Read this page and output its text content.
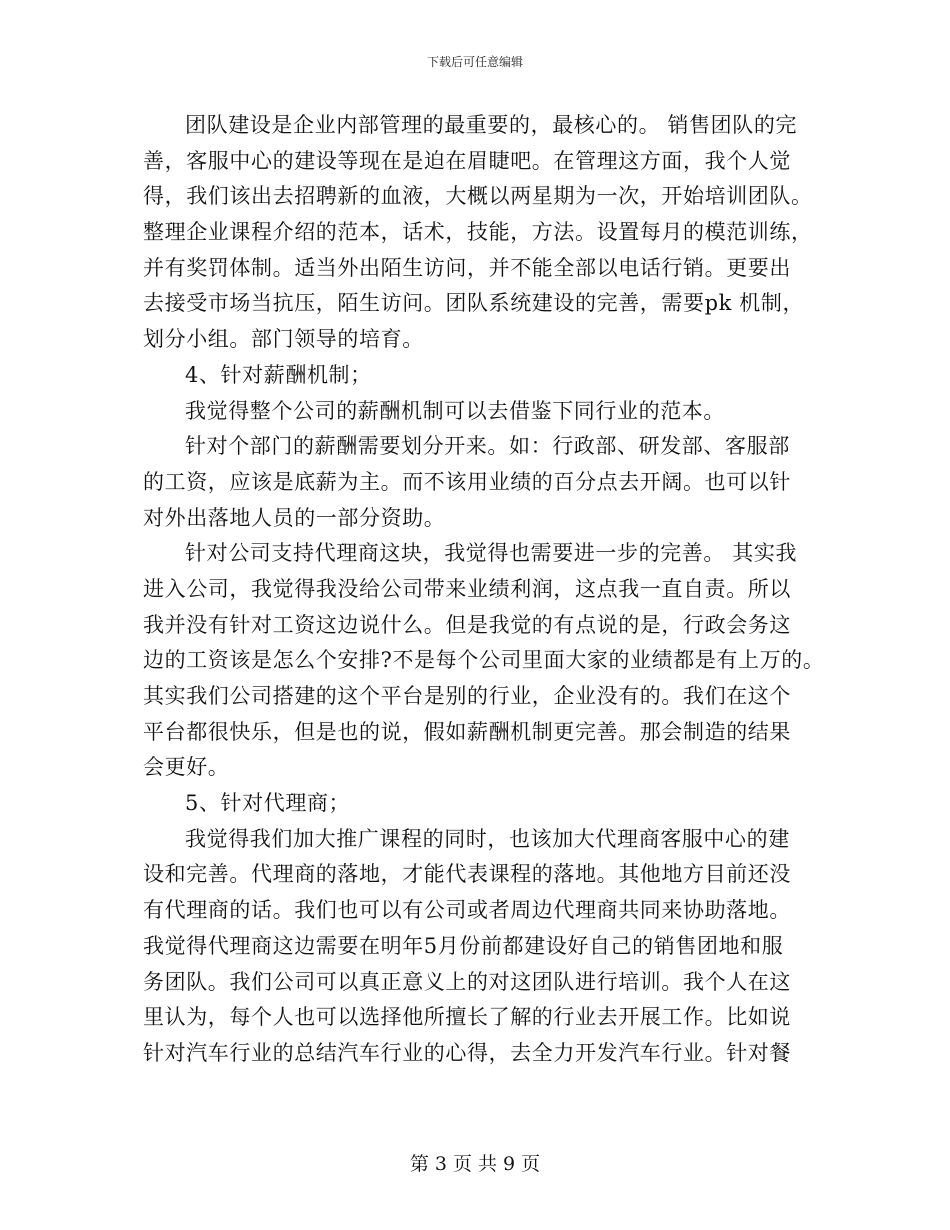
下载后可任意编辑
团队建设是企业内部管理的最重要的，最核心的。 销售团队的完
善，客服中心的建设等现在是迫在眉睫吧。在管理这方面，我个人觉
得，我们该出去招聘新的血液，大概以两星期为一次，开始培训团队。
整理企业课程介绍的范本，话术，技能，方法。设置每月的模范训练，
并有奖罚体制。适当外出陌生访问，并不能全部以电话行销。更要出
去接受市场当抗压，陌生访问。团队系统建设的完善，需要pk 机制，
划分小组。部门领导的培育。
4、针对薪酬机制；
我觉得整个公司的薪酬机制可以去借鉴下同行业的范本。
针对个部门的薪酬需要划分开来。如：行政部、研发部、客服部
的工资，应该是底薪为主。而不该用业绩的百分点去开阔。也可以针
对外出落地人员的一部分资助。
针对公司支持代理商这块，我觉得也需要进一步的完善。 其实我
进入公司，我觉得我没给公司带来业绩利润，这点我一直自责。所以
我并没有针对工资这边说什么。但是我觉的有点说的是，行政会务这
边的工资该是怎么个安排?不是每个公司里面大家的业绩都是有上万的。
其实我们公司搭建的这个平台是别的行业，企业没有的。我们在这个
平台都很快乐，但是也的说，假如薪酬机制更完善。那会制造的结果
会更好。
5、针对代理商；
我觉得我们加大推广课程的同时，也该加大代理商客服中心的建
设和完善。代理商的落地，才能代表课程的落地。其他地方目前还没
有代理商的话。我们也可以有公司或者周边代理商共同来协助落地。
我觉得代理商这边需要在明年5月份前都建设好自己的销售团地和服
务团队。我们公司可以真正意义上的对这团队进行培训。我个人在这
里认为，每个人也可以选择他所擅长了解的行业去开展工作。比如说
针对汽车行业的总结汽车行业的心得，去全力开发汽车行业。针对餐
第 3 页 共 9 页
